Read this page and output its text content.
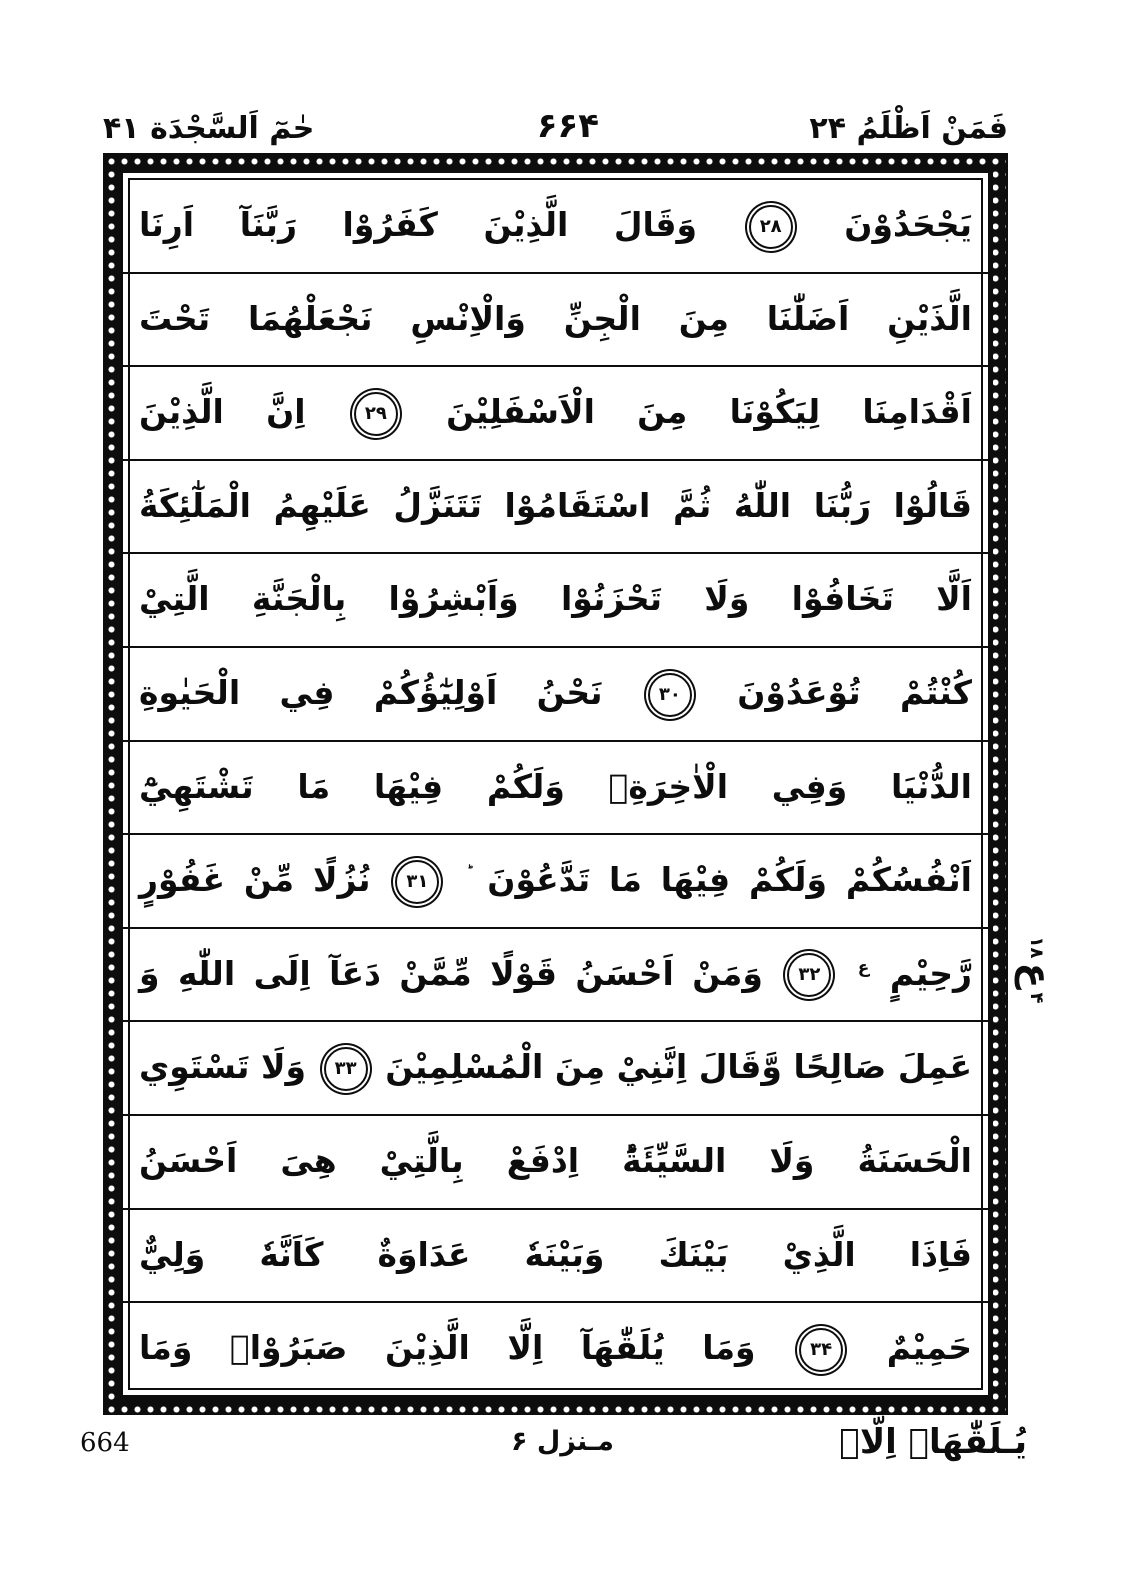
فَمَنْ اَظْلَمُ ۲۴
۶۶۴
حٰمٓ اَلسَّجْدَة ۴۱
يَجْحَدُوْنَ ۲۸ وَقَالَ الَّذِيْنَ كَفَرُوْا رَبَّنَآ اَرِنَا
الَّذَيْنِ اَضَلّٰنَا مِنَ الْجِنِّ وَالْاِنْسِ نَجْعَلْهُمَا تَحْتَ
اَقْدَامِنَا لِيَكُوْنَا مِنَ الْاَسْفَلِيْنَ ۲۹ اِنَّ الَّذِيْنَ
قَالُوْا رَبُّنَا اللّٰهُ ثُمَّ اسْتَقَامُوْا تَتَنَزَّلُ عَلَيْهِمُ الْمَلٰٓئِكَةُ
اَلَّا تَخَافُوْا وَلَا تَحْزَنُوْا وَاَبْشِرُوْا بِالْجَنَّةِ الَّتِيْ
كُنْتُمْ تُوْعَدُوْنَ ۳۰ نَحْنُ اَوْلِيٰٓؤُكُمْ فِي الْحَيٰوةِ
الدُّنْيَا وَفِي الْاٰخِرَةِۚ وَلَكُمْ فِيْهَا مَا تَشْتَهِيْٓ
اَنْفُسُكُمْ وَلَكُمْ فِيْهَا مَا تَدَّعُوْنَ ۳۱ نُزُلًا مِّنْ غَفُوْرٍ
رَّحِيْمٍ $^ع$ ۳۲ وَمَنْ اَحْسَنُ قَوْلًا مِّمَّنْ دَعَآ اِلَى اللّٰهِ وَ
عَمِلَ صَالِحًا وَّقَالَ اِنَّنِيْ مِنَ الْمُسْلِمِيْنَ ۳۳ وَلَا تَسْتَوِي
الْحَسَنَةُ وَلَا السَّيِّئَةُؕ اِدْفَعْ بِالَّتِيْ هِىَ اَحْسَنُ
فَاِذَا الَّذِيْ بَيْنَكَ وَبَيْنَهٗ عَدَاوَةٌ كَاَنَّهٗ وَلِيٌّ
حَمِيْمٌ ۳۴ وَمَا يُلَقّٰهَآ اِلَّا الَّذِيْنَ صَبَرُوْاۚ وَمَا
۴
ع
۱۸
يُـلَقّٰهَاۤ اِلَّاۤ
مـنزل ۶
664
